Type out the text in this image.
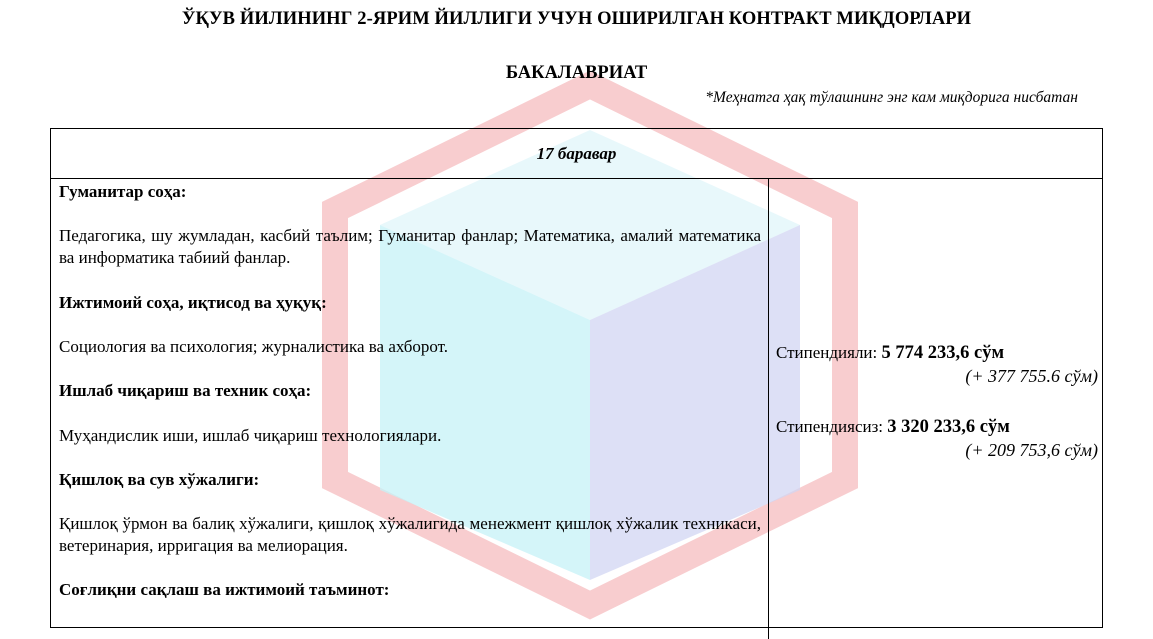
ЎҚУВ ЙИЛИНИНГ 2-ЯРИМ ЙИЛЛИГИ УЧУН ОШИРИЛГАН КОНТРАКТ МИҚДОРЛАРИ
БАКАЛАВРИАТ
*Меҳнатга ҳақ тўлашнинг энг кам миқдорига нисбатан
17 баравар

Гуманитар соҳа:

Педагогика, шу жумладан, касбий таълим; Гуманитар фанлар; Математика, амалий математика ва информатика табиий фанлар.

Ижтимоий соҳа, иқтисод ва ҳуқуқ:

Социология ва психология; журналистика ва ахборот.

Ишлаб чиқариш ва техник соҳа:

Муҳандислик иши, ишлаб чиқариш технологиялари.

Қишлоқ ва сув хўжалиги:

Қишлоқ ўрмон ва балиқ хўжалиги, қишлоқ хўжалигида менежмент қишлоқ хўжалик техникаси, ветеринария, ирригация ва мелиорация.

Соғлиқни сақлаш ва ижтимоий таъминот:

Стипендияли: 5 774 233,6 сўм
(+ 377 755.6 сўм)
Стипендиясиз: 3 320 233,6 сўм
(+ 209 753,6 сўм)
